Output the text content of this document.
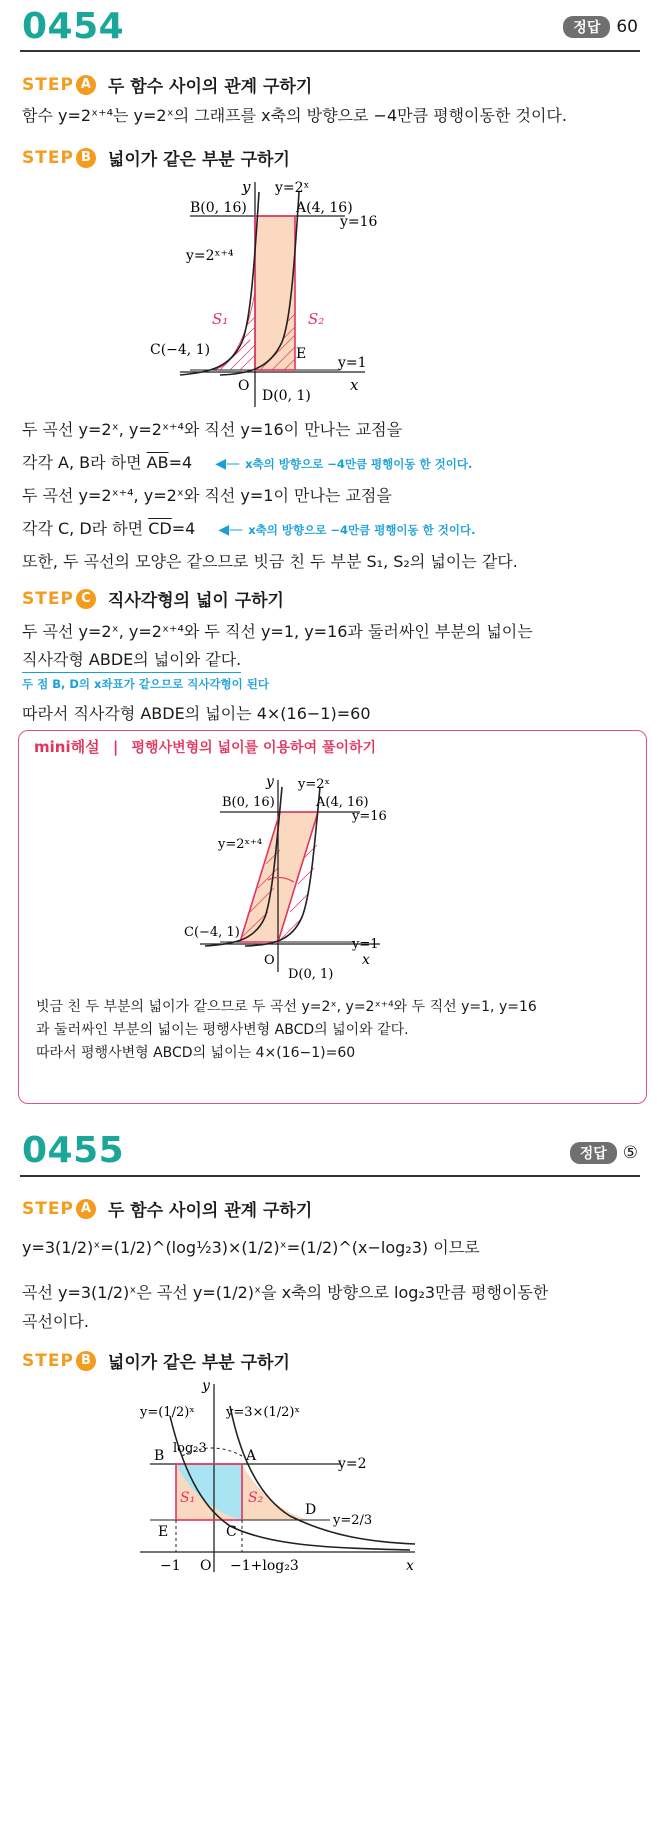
0454	정답 60
STEP A 두 함수 사이의 관계 구하기
함수 y=2ˣ⁺⁴는 y=2ˣ의 그래프를 x축의 방향으로 −4만큼 평행이동한 것이다.
STEP B 넓이가 같은 부분 구하기
y
x
O
y=2ˣ
y=2ˣ⁺⁴
B(0, 16)	A(4, 16)
y=16
C(−4, 1)
D(0, 1)
E
y=1
S₁	S₂
두 곡선 y=2ˣ, y=2ˣ⁺⁴와 직선 y=16이 만나는 교점을
각각 A, B라 하면 $\overline{AB}=4$ ◀— x축의 방향으로 −4만큼 평행이동 한 것이다.
두 곡선 y=2ˣ⁺⁴, y=2ˣ와 직선 y=1이 만나는 교점을
각각 C, D라 하면 $\overline{CD}=4$ ◀— x축의 방향으로 −4만큼 평행이동 한 것이다.
또한, 두 곡선의 모양은 같으므로 빗금 친 두 부분 S₁, S₂의 넓이는 같다.
STEP C	직사각형의 넓이 구하기
두 곡선 y=2ˣ, y=2ˣ⁺⁴와 두 직선 y=1, y=16과 둘러싸인 부분의 넓이는
직사각형 ABDE의 넓이와 같다.
두 점 B, D의 x좌표가 같으므로 직사각형이 된다
따라서 직사각형 ABDE의 넓이는 4×(16−1)=60
mini해설 | 평행사변형의 넓이를 이용하여 풀이하기
y
x
O
y=2ˣ
y=2ˣ⁺⁴
B(0, 16)	A(4, 16)
y=16
C(−4, 1)
D(0, 1)
y=1
빗금 친 두 부분의 넓이가 같으므로 두 곡선 y=2ˣ, y=2ˣ⁺⁴와 두 직선 y=1, y=16
과 둘러싸인 부분의 넓이는 평행사변형 ABCD의 넓이와 같다.
따라서 평행사변형 ABCD의 넓이는 4×(16−1)=60
0455	정답 ⑤
STEP A 두 함수 사이의 관계 구하기
y=3(1/2)ˣ=(1/2)^(log½3)×(1/2)ˣ=(1/2)^(x−log₂3) 이므로
곡선 y=3(1/2)ˣ은 곡선 y=(1/2)ˣ을 x축의 방향으로 log₂3만큼 평행이동한
곡선이다.
STEP B 넓이가 같은 부분 구하기
y
x
O
y=(1/2)ˣ y=3×(1/2)ˣ
B	A
log₂3
y=2
D
y=2/3
E	C
S₁	S₂
−1	−1+log₂3
